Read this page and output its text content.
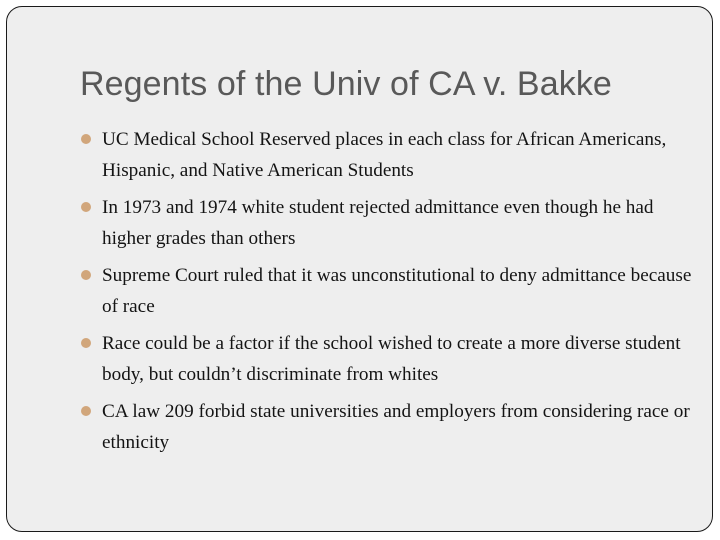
Regents of the Univ of CA v. Bakke
UC Medical School Reserved places in each class for African Americans, Hispanic, and Native American Students
In 1973 and 1974 white student rejected admittance even though he had higher grades than others
Supreme Court ruled that it was unconstitutional to deny admittance because of race
Race could be a factor if the school wished to create a more diverse student body, but couldn’t discriminate from whites
CA law 209 forbid state universities and employers from considering race or ethnicity
